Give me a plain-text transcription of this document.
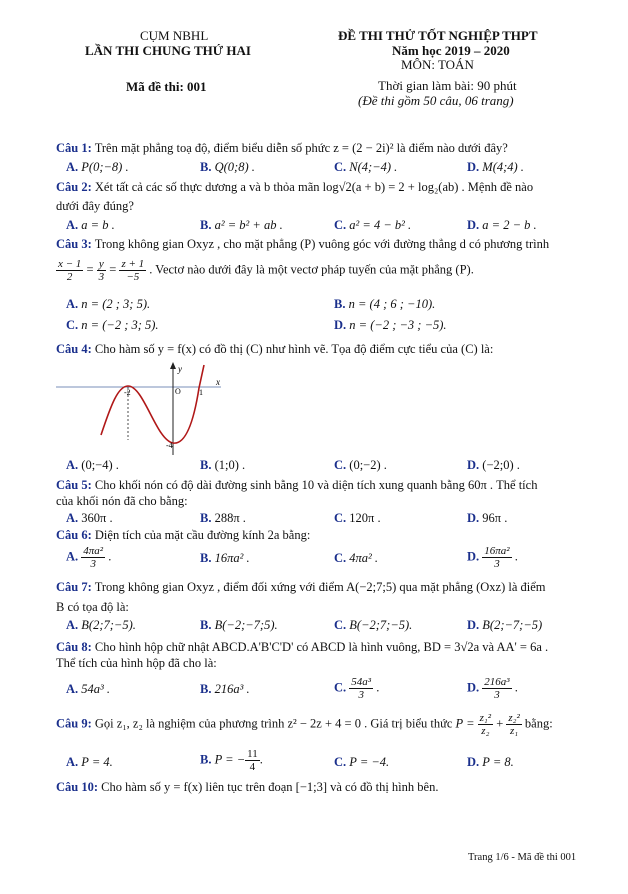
CỤM NBHL
LẦN THI CHUNG THỨ HAI
Mã đề thi: 001
ĐỀ THI THỬ TỐT NGHIỆP THPT
Năm học 2019 – 2020
MÔN: TOÁN
Thời gian làm bài: 90 phút
(Đề thi gồm 50 câu, 06 trang)
Câu 1: Trên mặt phẳng toạ độ, điểm biểu diễn số phức z = (2 − 2i)² là điểm nào dưới đây?
A. P(0;−8) .	B. Q(0;8) .	C. N(4;−4) .	D. M(4;4) .
Câu 2: Xét tất cả các số thực dương a và b thỏa mãn log√2(a + b) = 2 + log₂(ab) . Mệnh đề nào
dưới đây đúng?
A. a = b .	B. a² = b² + ab .	C. a² = 4 − b² .	D. a = 2 − b .
Câu 3: Trong không gian Oxyz , cho mặt phẳng (P) vuông góc với đường thẳng d có phương trình
$\frac{x - 1}{2} = \frac{y}{3} = \frac{z + 1}{-5}$ . Vectơ nào dưới đây là một vectơ pháp tuyến của mặt phẳng (P).
A. n = (2 ; 3; 5).	B. n = (4 ; 6 ; −10).
C. n = (−2 ; 3; 5).	D. n = (−2 ; −3 ; −5).
Câu 4: Cho hàm số y = f(x) có đồ thị (C) như hình vẽ. Tọa độ điểm cực tiểu của (C) là:
y
x
O
-2	1
-4
A. (0;−4) .	B. (1;0) .	C. (0;−2) .	D. (−2;0) .
Câu 5: Cho khối nón có độ dài đường sinh bằng 10 và diện tích xung quanh bằng 60π . Thể tích
của khối nón đã cho bằng:
A. 360π .	B. 288π .	C. 120π .	D. 96π .
Câu 6: Diện tích của mặt cầu đường kính 2a bằng:
A. $\frac{\text{4πa²}}{3}$ .	B. 16πa² .	C. 4πa² .	D. $\frac{\text{16πa²}}{3}$ .
Câu 7: Trong không gian Oxyz , điểm đối xứng với điểm A(−2;7;5) qua mặt phẳng (Oxz) là điểm
B có tọa độ là:
A. B(2;7;−5).	B. B(−2;−7;5).	C. B(−2;7;−5).	D. B(2;−7;−5)
Câu 8: Cho hình hộp chữ nhật ABCD.A'B'C'D' có ABCD là hình vuông, BD = 3√2a và AA' = 6a .
Thể tích của hình hộp đã cho là:
A. 54a³ .	B. 216a³ .	C. $\frac{\text{54a³}}{3}$ .	D. $\frac{\text{216a³}}{3}$ .
Câu 9: Gọi z₁, z₂ là nghiệm của phương trình z² − 2z + 4 = 0 . Giá trị biểu thức $P = \frac{\text{z₁²}}{\text{z₂}} + \frac{\text{z₂²}}{\text{z₁}}$ bằng:
A. P = 4.	B. P = − $\frac{11}{4}$ .	C. P = −4.	D. P = 8.
Câu 10: Cho hàm số y = f(x) liên tục trên đoạn [−1;3] và có đồ thị hình bên.
Trang 1/6 - Mã đề thi 001
